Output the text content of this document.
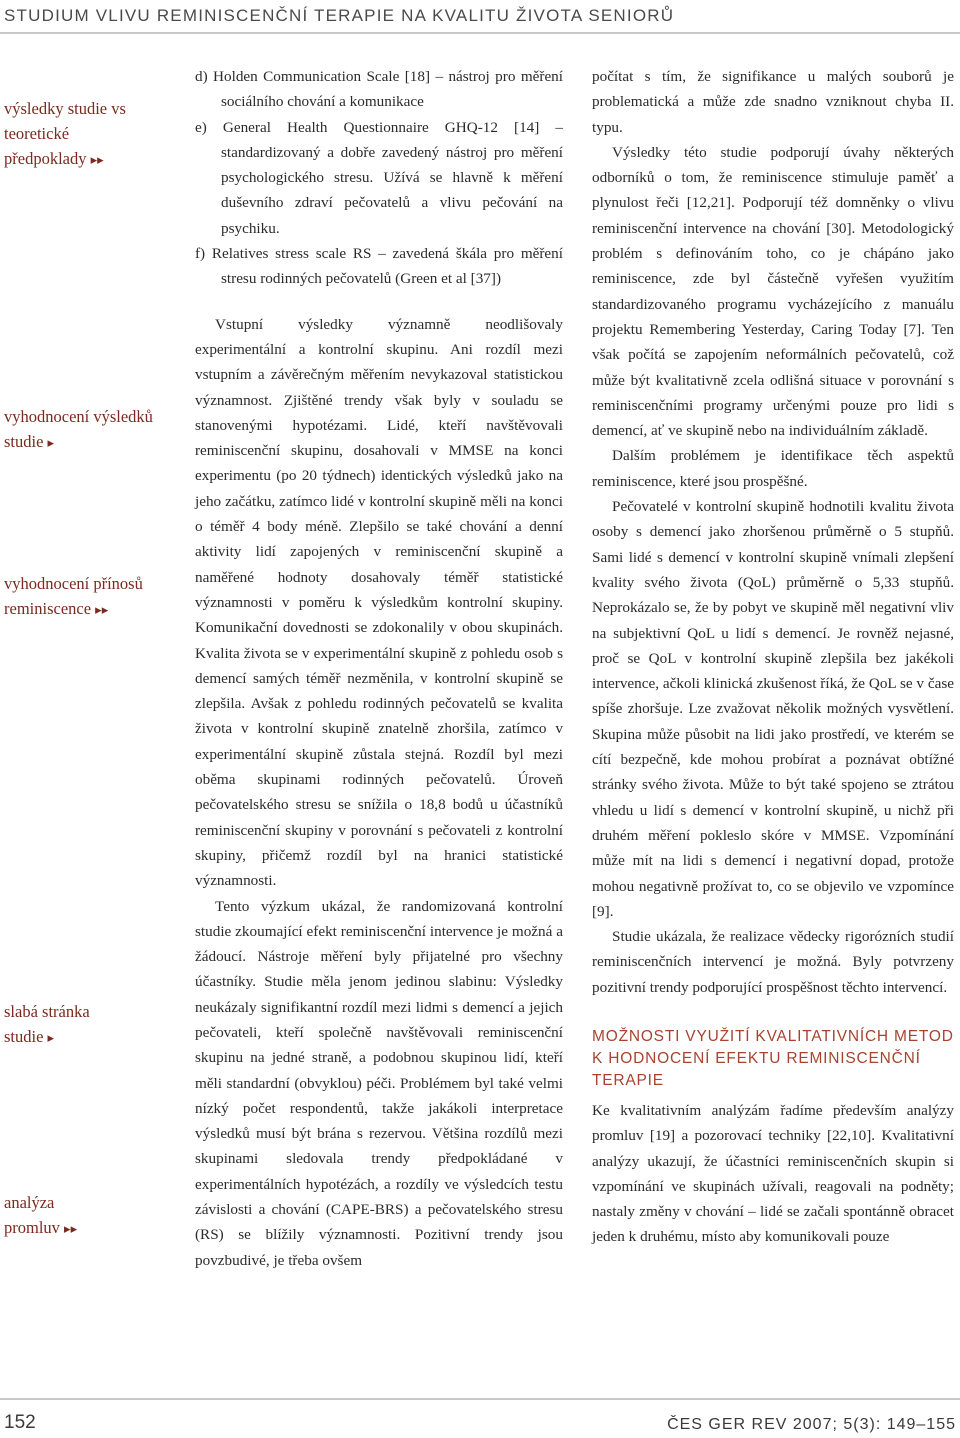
STUDIUM VLIVU REMINISCENČNÍ TERAPIE NA KVALITU ŽIVOTA SENIORŮ
výsledky studie vs teoretické předpoklady ▸▸
vyhodnocení výsledků studie ▸
vyhodnocení přínosů reminiscence ▸▸
slabá stránka studie ▸
analýza promluv ▸▸

d) Holden Communication Scale [18] – nástroj pro měření sociálního chování a komunikace

e) General Health Questionnaire GHQ-12 [14] – standardizovaný a dobře zavedený nástroj pro měření psychologického stresu. Užívá se hlavně k měření duševního zdraví pečovatelů a vlivu pečování na psychiku.

f) Relatives stress scale RS – zavedená škála pro měření stresu rodinných pečovatelů (Green et al [37])

Vstupní výsledky významně neodlišovaly experimentální a kontrolní skupinu. Ani rozdíl mezi vstupním a závěrečným měřením nevykazoval statistickou významnost. Zjištěné trendy však byly v souladu se stanovenými hypotézami. Lidé, kteří navštěvovali reminiscenční skupinu, dosahovali v MMSE na konci experimentu (po 20 týdnech) identických výsledků jako na jeho začátku, zatímco lidé v kontrolní skupině měli na konci o téměř 4 body méně. Zlepšilo se také chování a denní aktivity lidí zapojených v reminiscenční skupině a naměřené hodnoty dosahovaly téměř statistické významnosti v poměru k výsledkům kontrolní skupiny. Komunikační dovednosti se zdokonalily v obou skupinách. Kvalita života se v experimentální skupině z pohledu osob s demencí samých téměř nezměnila, v kontrolní skupině se zlepšila. Avšak z pohledu rodinných pečovatelů se kvalita života v kontrolní skupině znatelně zhoršila, zatímco v experimentální skupině zůstala stejná. Rozdíl byl mezi oběma skupinami rodinných pečovatelů. Úroveň pečovatelského stresu se snížila o 18,8 bodů u účastníků reminiscenční skupiny v porovnání s pečovateli z kontrolní skupiny, přičemž rozdíl byl na hranici statistické významnosti.

Tento výzkum ukázal, že randomizovaná kontrolní studie zkoumající efekt reminiscenční intervence je možná a žádoucí. Nástroje měření byly přijatelné pro všechny účastníky. Studie měla jenom jedinou slabinu: Výsledky neukázaly signifikantní rozdíl mezi lidmi s demencí a jejich pečovateli, kteří společně navštěvovali reminiscenční skupinu na jedné straně, a podobnou skupinou lidí, kteří měli standardní (obvyklou) péči. Problémem byl také velmi nízký počet respondentů, takže jakákoli interpretace výsledků musí být brána s rezervou. Většina rozdílů mezi skupinami sledovala trendy předpokládané v experimentálních hypotézách, a rozdíly ve výsledcích testu závislosti a chování (CAPE-BRS) a pečovatelského stresu (RS) se blížily významnosti. Pozitivní trendy jsou povzbudivé, je třeba ovšem

počítat s tím, že signifikance u malých souborů je problematická a může zde snadno vzniknout chyba II. typu.

Výsledky této studie podporují úvahy některých odborníků o tom, že reminiscence stimuluje paměť a plynulost řeči [12,21]. Podporují též domněnky o vlivu reminiscenční intervence na chování [30]. Metodologický problém s definováním toho, co je chápáno jako reminiscence, zde byl částečně vyřešen využitím standardizovaného programu vycházejícího z manuálu projektu Remembering Yesterday, Caring Today [7]. Ten však počítá se zapojením neformálních pečovatelů, což může být kvalitativně zcela odlišná situace v porovnání s reminiscenčními programy určenými pouze pro lidi s demencí, ať ve skupině nebo na individuálním základě.

Dalším problémem je identifikace těch aspektů reminiscence, které jsou prospěšné.

Pečovatelé v kontrolní skupině hodnotili kvalitu života osoby s demencí jako zhoršenou průměrně o 5 stupňů. Sami lidé s demencí v kontrolní skupině vnímali zlepšení kvality svého života (QoL) průměrně o 5,33 stupňů. Neprokázalo se, že by pobyt ve skupině měl negativní vliv na subjektivní QoL u lidí s demencí. Je rovněž nejasné, proč se QoL v kontrolní skupině zlepšila bez jakékoli intervence, ačkoli klinická zkušenost říká, že QoL se v čase spíše zhoršuje. Lze zvažovat několik možných vysvětlení. Skupina může působit na lidi jako prostředí, ve kterém se cítí bezpečně, kde mohou probírat a poznávat obtížné stránky svého života. Může to být také spojeno se ztrátou vhledu u lidí s demencí v kontrolní skupině, u nichž při druhém měření pokleslo skóre v MMSE. Vzpomínání může mít na lidi s demencí i negativní dopad, protože mohou negativně prožívat to, co se objevilo ve vzpomínce [9].

Studie ukázala, že realizace vědecky rigorózních studií reminiscenčních intervencí je možná. Byly potvrzeny pozitivní trendy podporující prospěšnost těchto intervencí.

MOŽNOSTI VYUŽITÍ KVALITATIVNÍCH METOD K HODNOCENÍ EFEKTU REMINISCENČNÍ TERAPIE

Ke kvalitativním analýzám řadíme především analýzy promluv [19] a pozorovací techniky [22,10]. Kvalitativní analýzy ukazují, že účastníci reminiscenčních skupin si vzpomínání ve skupinách užívali, reagovali na podněty; nastaly změny v chování – lidé se začali spontánně obracet jeden k druhému, místo aby komunikovali pouze

152	ČES GER REV 2007; 5(3): 149–155
